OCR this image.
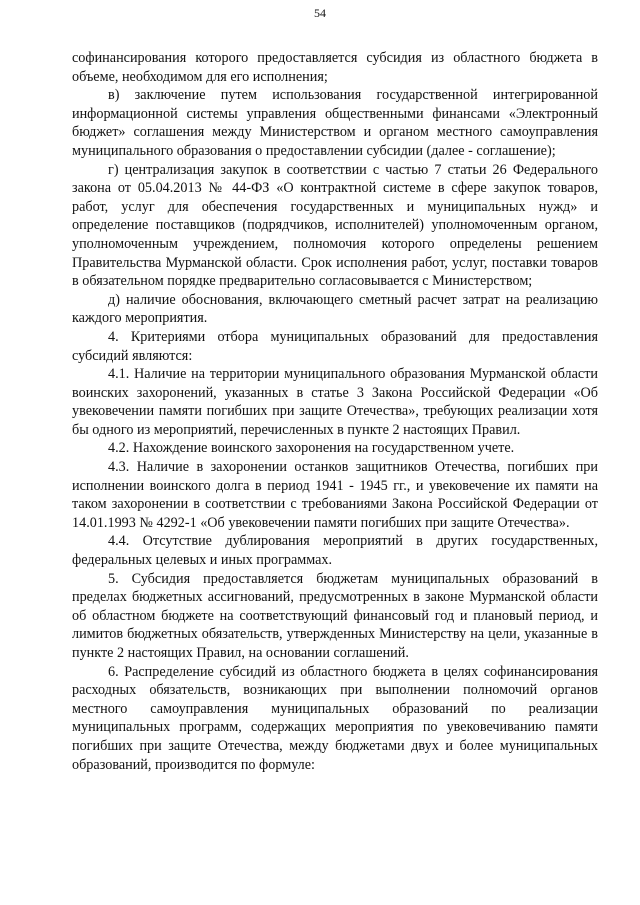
54

софинансирования которого предоставляется субсидия из областного бюджета в объеме, необходимом для его исполнения;

в) заключение путем использования государственной интегрированной информационной системы управления общественными финансами «Электронный бюджет» соглашения между Министерством и органом местного самоуправления муниципального образования о предоставлении субсидии (далее - соглашение);

г) централизация закупок в соответствии с частью 7 статьи 26 Федерального закона от 05.04.2013 № 44-ФЗ «О контрактной системе в сфере закупок товаров, работ, услуг для обеспечения государственных и муниципальных нужд» и определение поставщиков (подрядчиков, исполнителей) уполномоченным органом, уполномоченным учреждением, полномочия которого определены решением Правительства Мурманской области. Срок исполнения работ, услуг, поставки товаров в обязательном порядке предварительно согласовывается с Министерством;

д) наличие обоснования, включающего сметный расчет затрат на реализацию каждого мероприятия.

4. Критериями отбора муниципальных образований для предоставления субсидий являются:

4.1. Наличие на территории муниципального образования Мурманской области воинских захоронений, указанных в статье 3 Закона Российской Федерации «Об увековечении памяти погибших при защите Отечества», требующих реализации хотя бы одного из мероприятий, перечисленных в пункте 2 настоящих Правил.

4.2. Нахождение воинского захоронения на государственном учете.

4.3. Наличие в захоронении останков защитников Отечества, погибших при исполнении воинского долга в период 1941 - 1945 гг., и увековечение их памяти на таком захоронении в соответствии с требованиями Закона Российской Федерации от 14.01.1993 № 4292-1 «Об увековечении памяти погибших при защите Отечества».

4.4. Отсутствие дублирования мероприятий в других государственных, федеральных целевых и иных программах.

5. Субсидия предоставляется бюджетам муниципальных образований в пределах бюджетных ассигнований, предусмотренных в законе Мурманской области об областном бюджете на соответствующий финансовый год и плановый период, и лимитов бюджетных обязательств, утвержденных Министерству на цели, указанные в пункте 2 настоящих Правил, на основании соглашений.

6. Распределение субсидий из областного бюджета в целях софинансирования расходных обязательств, возникающих при выполнении полномочий органов местного самоуправления муниципальных образований по реализации муниципальных программ, содержащих мероприятия по увековечиванию памяти погибших при защите Отечества, между бюджетами двух и более муниципальных образований, производится по формуле:
